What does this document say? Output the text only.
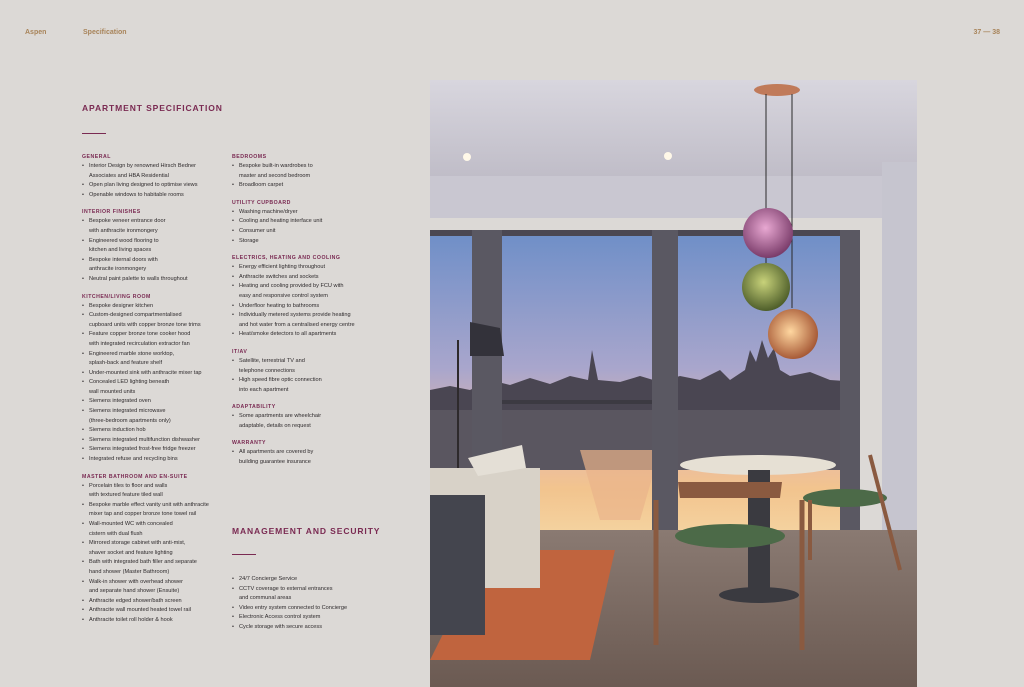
Aspen	Specification	37 — 38
APARTMENT SPECIFICATION
GENERAL
• Interior Design by renowned Hirsch Bedner
Associates and HBA Residential
• Open plan living designed to optimise views
• Openable windows to habitable rooms
INTERIOR FINISHES
• Bespoke veneer entrance door
with anthracite ironmongery
• Engineered wood flooring to
kitchen and living spaces
• Bespoke internal doors with
anthracite ironmongery
• Neutral paint palette to walls throughout
KITCHEN/LIVING ROOM
• Bespoke designer kitchen
• Custom-designed compartmentalised
cupboard units with copper bronze tone trims
• Feature copper bronze tone cooker hood
with integrated recirculation extractor fan
• Engineered marble stone worktop,
splash-back and feature shelf
• Under-mounted sink with anthracite mixer tap
• Concealed LED lighting beneath
wall mounted units
• Siemens integrated oven
• Siemens integrated microwave
(three-bedroom apartments only)
• Siemens induction hob
• Siemens integrated multifunction dishwasher
• Siemens integrated frost-free fridge freezer
• Integrated refuse and recycling bins
MASTER BATHROOM AND EN-SUITE
• Porcelain tiles to floor and walls
with textured feature tiled wall
• Bespoke marble effect vanity unit with anthracite
mixer tap and copper bronze tone towel rail
• Wall-mounted WC with concealed
cistern with dual flush
• Mirrored storage cabinet with anti-mist,
shaver socket and feature lighting
• Bath with integrated bath filler and separate
hand shower (Master Bathroom)
• Walk-in shower with overhead shower
and separate hand shower (Ensuite)
• Anthracite edged shower/bath screen
• Anthracite wall mounted heated towel rail
• Anthracite toilet roll holder & hook
BEDROOMS
• Bespoke built-in wardrobes to
master and second bedroom
• Broadloom carpet
UTILITY CUPBOARD
• Washing machine/dryer
• Cooling and heating interface unit
• Consumer unit
• Storage
ELECTRICS, HEATING AND COOLING
• Energy efficient lighting throughout
• Anthracite switches and sockets
• Heating and cooling provided by FCU with
easy and responsive control system
• Underfloor heating to bathrooms
• Individually metered systems provide heating
and hot water from a centralised energy centre
• Heat/smoke detectors to all apartments
IT/AV
• Satellite, terrestrial TV and
telephone connections
• High speed fibre optic connection
into each apartment
ADAPTABILITY
• Some apartments are wheelchair
adaptable, details on request
WARRANTY
• All apartments are covered by
building guarantee insurance
MANAGEMENT AND SECURITY
• 24/7 Concierge Service
• CCTV coverage to external entrances
and communal areas
• Video entry system connected to Concierge
• Electronic Access control system
• Cycle storage with secure access
